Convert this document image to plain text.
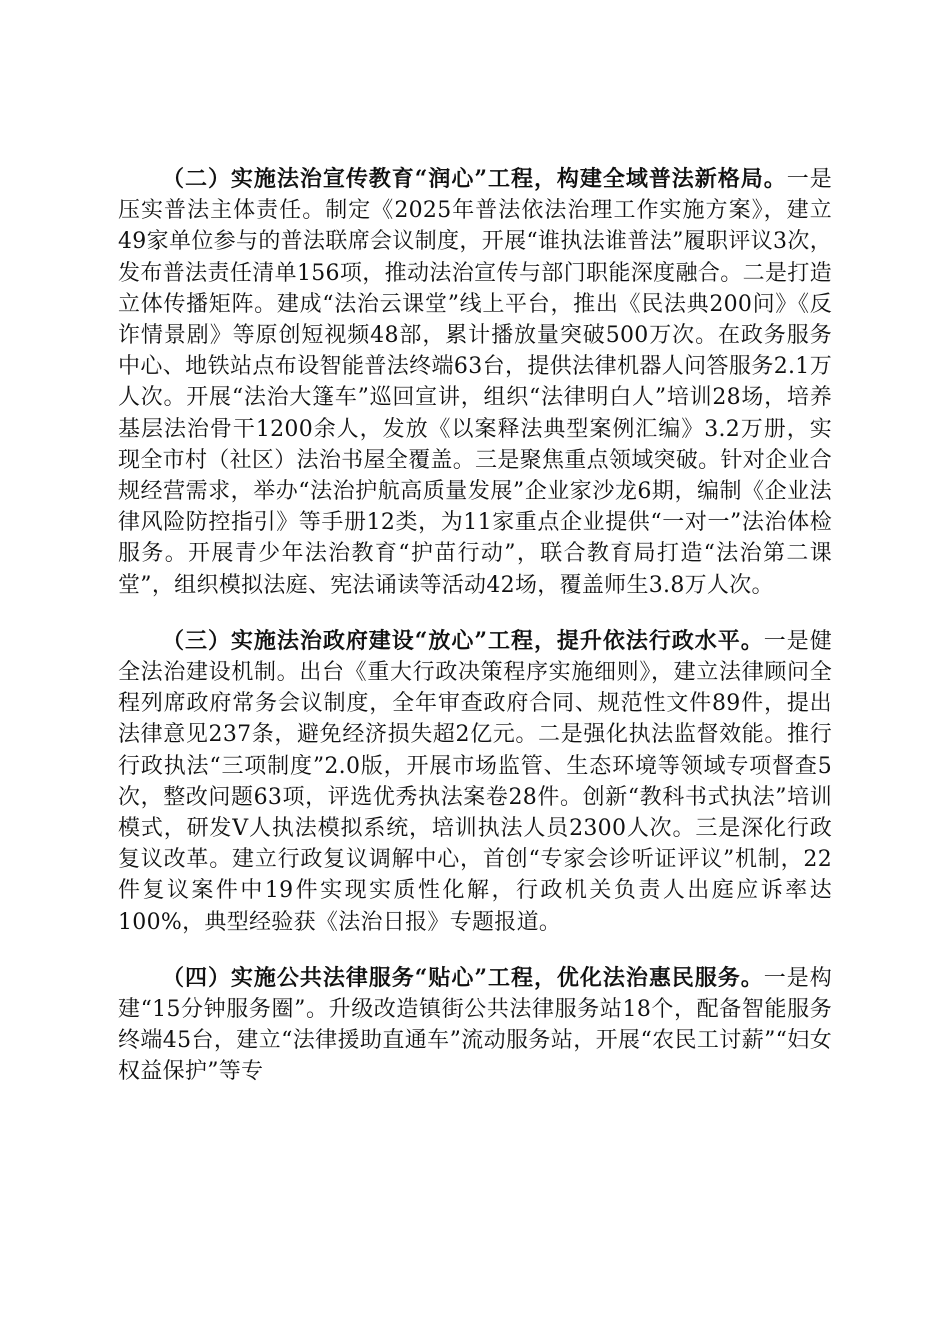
（二）实施法治宣传教育“润心”工程，构建全域普法新格局。一是压实普法主体责任。制定《2025年普法依法治理工作实施方案》，建立49家单位参与的普法联席会议制度，开展“谁执法谁普法”履职评议3次，发布普法责任清单156项，推动法治宣传与部门职能深度融合。二是打造立体传播矩阵。建成“法治云课堂”线上平台，推出《民法典200问》《反诈情景剧》等原创短视频48部，累计播放量突破500万次。在政务服务中心、地铁站点布设智能普法终端63台，提供法律机器人问答服务2.1万人次。开展“法治大篷车”巡回宣讲，组织“法律明白人”培训28场，培养基层法治骨干1200余人，发放《以案释法典型案例汇编》3.2万册，实现全市村（社区）法治书屋全覆盖。三是聚焦重点领域突破。针对企业合规经营需求，举办“法治护航高质量发展”企业家沙龙6期，编制《企业法律风险防控指引》等手册12类，为11家重点企业提供“一对一”法治体检服务。开展青少年法治教育“护苗行动”，联合教育局打造“法治第二课堂”，组织模拟法庭、宪法诵读等活动42场，覆盖师生3.8万人次。

（三）实施法治政府建设“放心”工程，提升依法行政水平。一是健全法治建设机制。出台《重大行政决策程序实施细则》，建立法律顾问全程列席政府常务会议制度，全年审查政府合同、规范性文件89件，提出法律意见237条，避免经济损失超2亿元。二是强化执法监督效能。推行行政执法“三项制度”2.0版，开展市场监管、生态环境等领域专项督查5次，整改问题63项，评选优秀执法案卷28件。创新“教科书式执法”培训模式，研发V人执法模拟系统，培训执法人员2300人次。三是深化行政复议改革。建立行政复议调解中心，首创“专家会诊听证评议”机制，22件复议案件中19件实现实质性化解，行政机关负责人出庭应诉率达100%，典型经验获《法治日报》专题报道。

（四）实施公共法律服务“贴心”工程，优化法治惠民服务。一是构建“15分钟服务圈”。升级改造镇街公共法律服务站18个，配备智能服务终端45台，建立“法律援助直通车”流动服务站，开展“农民工讨薪”“妇女权益保护”等专
